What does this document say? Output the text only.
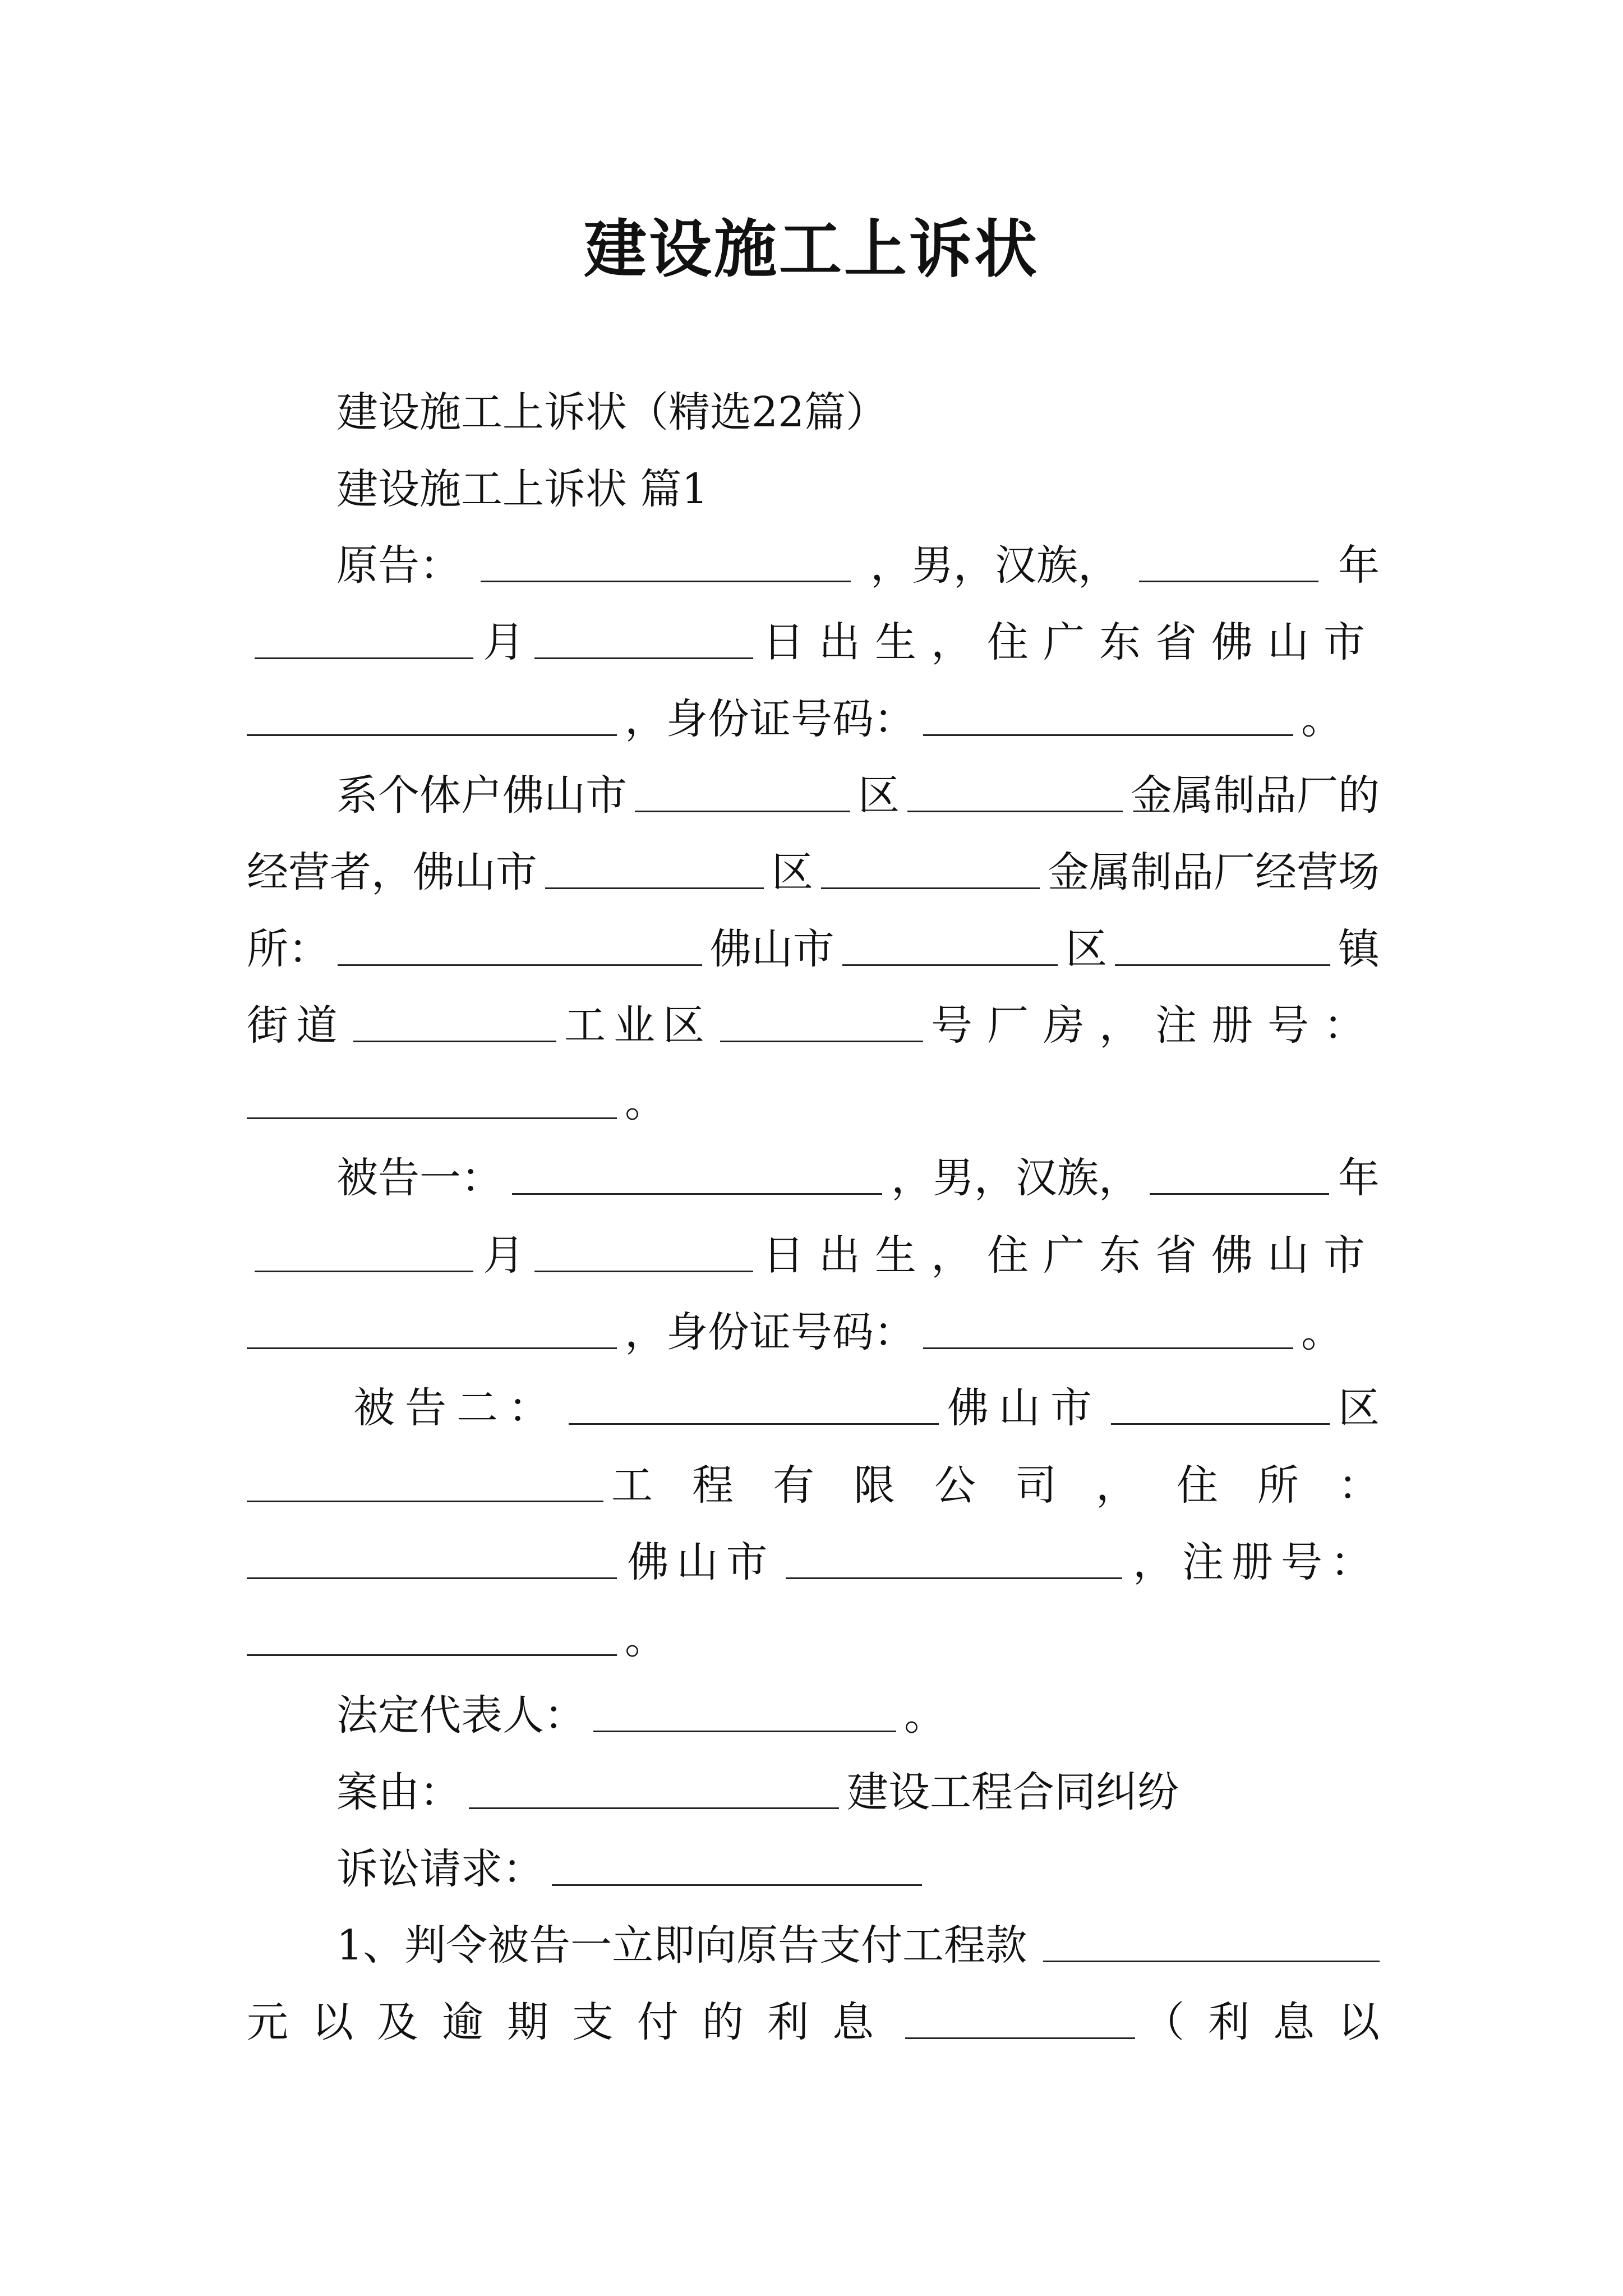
建设施工上诉状
建设施工上诉状（精选22篇）
建设施工上诉状 篇1
原告：	，男，汉族，	年
月	日出生，住广东省佛山市
，身份证号码：	。
系个体户佛山市	区	金属制品厂的
经营者，佛山市	区	金属制品厂经营场
所：	佛山市	区	镇
街道	工业区	号厂房，注册号：
。
被告一：	，男，汉族，	年
月	日出生，住广东省佛山市
，身份证号码：	。
被告二：	佛山市	区
工程有限公司，住所：
佛山市	，注册号：
。
法定代表人：	。
案由：	建设工程合同纠纷
诉讼请求：
1、判令被告一立即向原告支付工程款
元以及逾期支付的利息	（利息以
